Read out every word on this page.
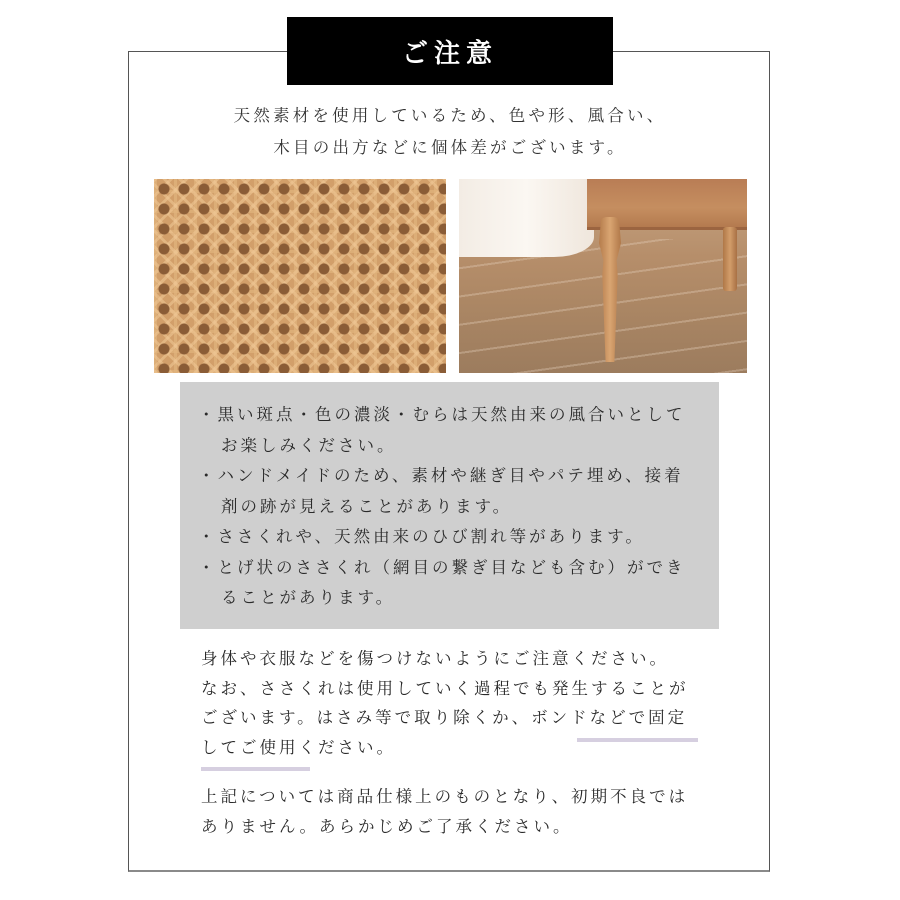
ご注意
天然素材を使用しているため、色や形、風合い、
木目の出方などに個体差がございます。
・黒い斑点・色の濃淡・むらは天然由来の風合いとして
お楽しみください。
・ハンドメイドのため、素材や継ぎ目やパテ埋め、接着
剤の跡が見えることがあります。
・ささくれや、天然由来のひび割れ等があります。
・とげ状のささくれ（網目の繋ぎ目なども含む）ができ
ることがあります。
身体や衣服などを傷つけないようにご注意ください。
なお、ささくれは使用していく過程でも発生することが
ございます。はさみ等で取り除くか、ボンドなどで固定
してご使用ください。
上記については商品仕様上のものとなり、初期不良では
ありません。あらかじめご了承ください。
